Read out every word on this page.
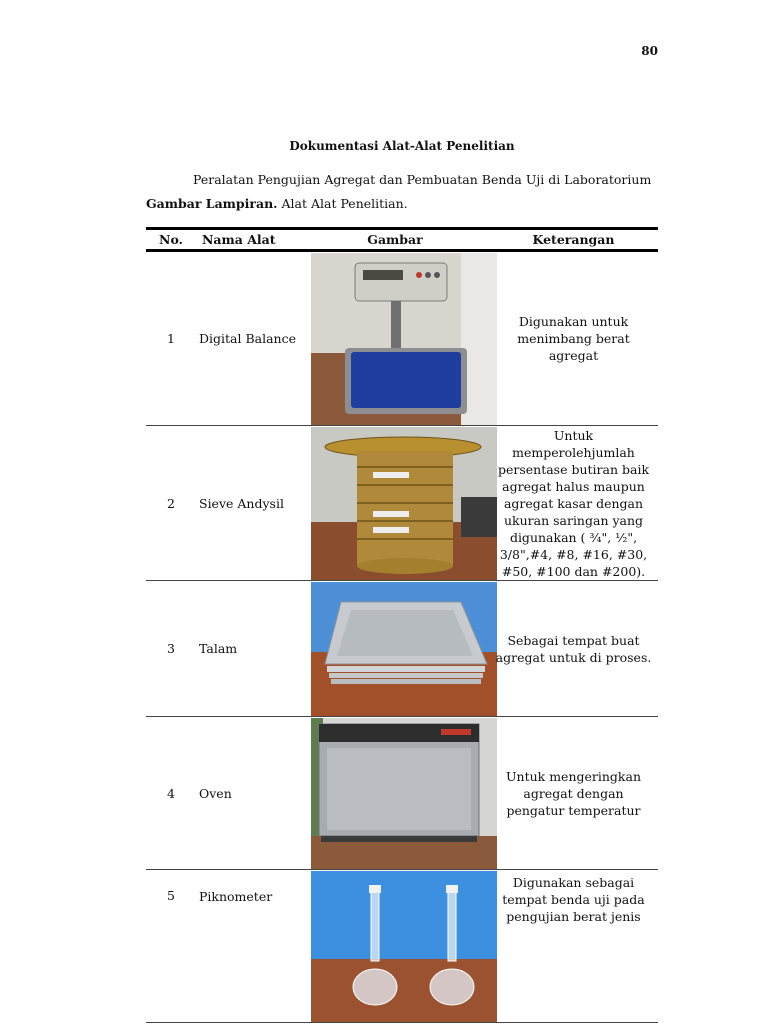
80
Dokumentasi Alat-Alat Penelitian
Peralatan Pengujian Agregat dan Pembuatan Benda Uji di Laboratorium
Gambar Lampiran. Alat Alat Penelitian.
No.	Nama Alat	Gambar	Keterangan
1	Digital Balance		Digunakan untuk menimbang berat agregat
2	Sieve Andysil		Untuk memperolehjumlah persentase butiran baik agregat halus maupun agregat kasar dengan ukuran saringan yang digunakan ( ¾", ½", 3/8",#4, #8, #16, #30, #50, #100 dan #200).
3	Talam		Sebagai tempat buat agregat untuk di proses.
4	Oven		Untuk mengeringkan agregat dengan pengatur temperatur
5	Piknometer		Digunakan sebagai tempat benda uji pada pengujian berat jenis
